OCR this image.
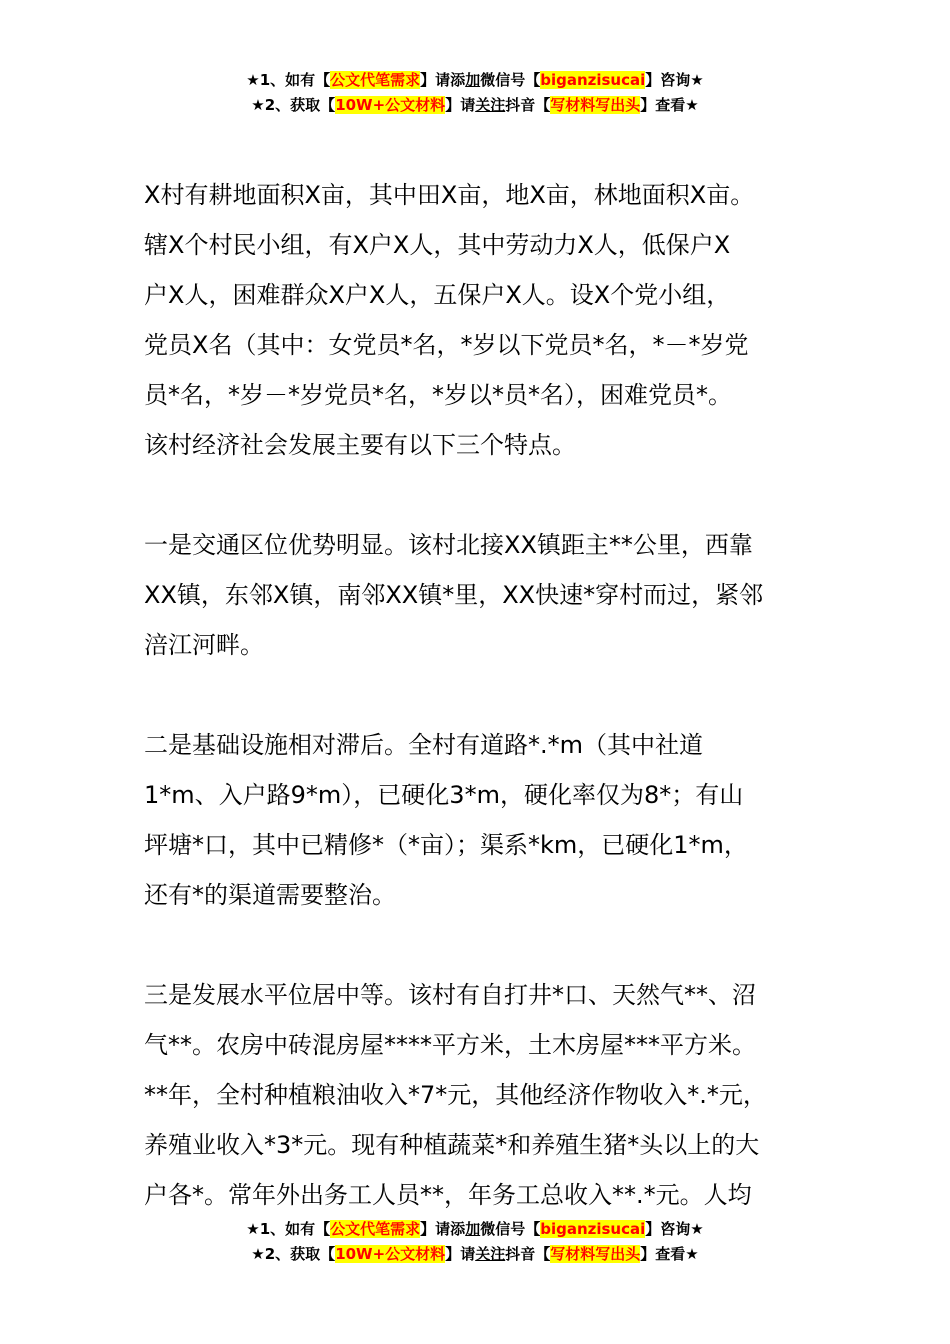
★1、如有【公文代笔需求】请添加微信号【biganzisucai】咨询★
★2、获取【10W+公文材料】请关注抖音【写材料写出头】查看★

X村有耕地面积X亩，其中田X亩，地X亩，林地面积X亩。
辖X个村民小组，有X户X人，其中劳动力X人，低保户X
户X人，困难群众X户X人，五保户X人。设X个党小组，
党员X名（其中：女党员*名，*岁以下党员*名，*－*岁党
员*名，*岁－*岁党员*名，*岁以*员*名），困难党员*。
该村经济社会发展主要有以下三个特点。

一是交通区位优势明显。该村北接XX镇距主**公里，西靠
XX镇，东邻X镇，南邻XX镇*里，XX快速*穿村而过，紧邻
涪江河畔。

二是基础设施相对滞后。全村有道路*.*m（其中社道
1*m、入户路9*m），已硬化3*m，硬化率仅为8*；有山
坪塘*口，其中已精修*（*亩）；渠系*km，已硬化1*m，
还有*的渠道需要整治。

三是发展水平位居中等。该村有自打井*口、天然气**、沼
气**。农房中砖混房屋****平方米，土木房屋***平方米。
**年，全村种植粮油收入*7*元，其他经济作物收入*.*元，
养殖业收入*3*元。现有种植蔬菜*和养殖生猪*头以上的大
户各*。常年外出务工人员**，年务工总收入**.*元。人均

★1、如有【公文代笔需求】请添加微信号【biganzisucai】咨询★
★2、获取【10W+公文材料】请关注抖音【写材料写出头】查看★
